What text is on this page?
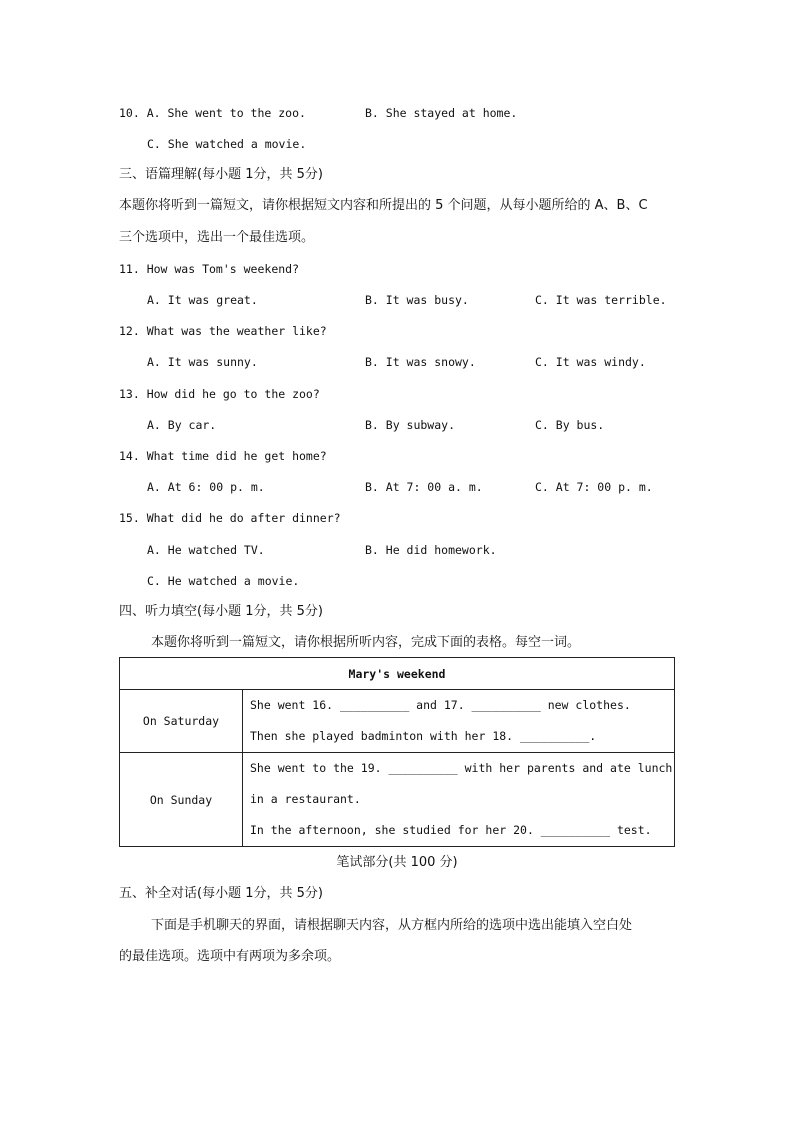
10. A. She went to the zoo.	B. She stayed at home.
C. She watched a movie.
三、语篇理解(每小题 1分，共 5分)
本题你将听到一篇短文，请你根据短文内容和所提出的 5 个问题，从每小题所给的 A、B、C
三个选项中，选出一个最佳选项。
11. How was Tom's weekend?
A. It was great.	B. It was busy.	C. It was terrible.
12. What was the weather like?
A. It was sunny.	B. It was snowy.	C. It was windy.
13. How did he go to the zoo?
A. By car.	B. By subway.	C. By bus.
14. What time did he get home?
A. At 6: 00 p. m.	B. At 7: 00 a. m.	C. At 7: 00 p. m.
15. What did he do after dinner?
A. He watched TV.	B. He did homework.
C. He watched a movie.
四、听力填空(每小题 1分，共 5分)
本题你将听到一篇短文，请你根据所听内容，完成下面的表格。每空一词。
Mary's weekend	
On Saturday	She went 16. __________ and 17. __________ new clothes.
Then she played badminton with her 18. __________.

On Sunday	She went to the 19. __________ with her parents and ate lunch
in a restaurant.
In the afternoon, she studied for her 20. __________ test.
笔试部分(共 100 分)
五、补全对话(每小题 1分，共 5分)
下面是手机聊天的界面，请根据聊天内容，从方框内所给的选项中选出能填入空白处
的最佳选项。选项中有两项为多余项。
